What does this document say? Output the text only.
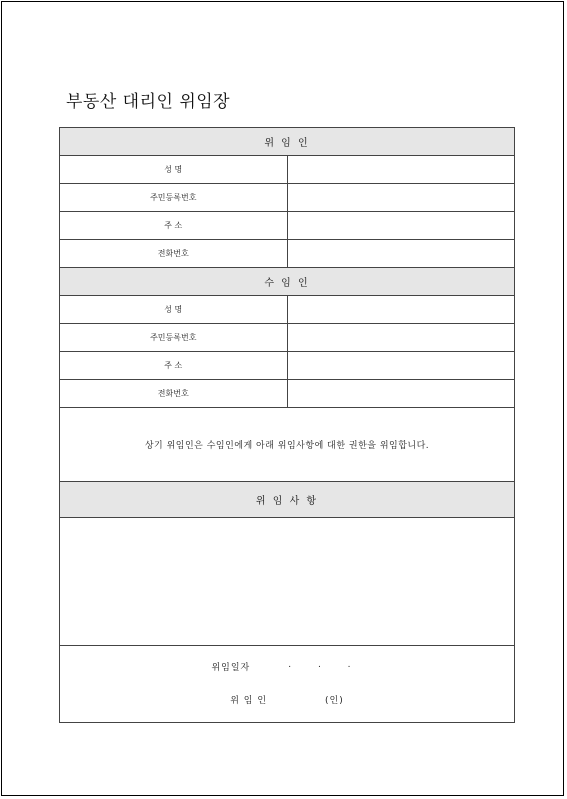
부동산 대리인 위임장
위 임 인	
성 명	
주민등록번호	
주 소	
전화번호	
수 임 인	
성 명	
주민등록번호	
주 소	
전화번호	
상기 위임인은 수임인에게 아래 위임사항에 대한 권한을 위임합니다.	
위 임 사 항	

위임일자 . . .
위 임 인 (인)	
